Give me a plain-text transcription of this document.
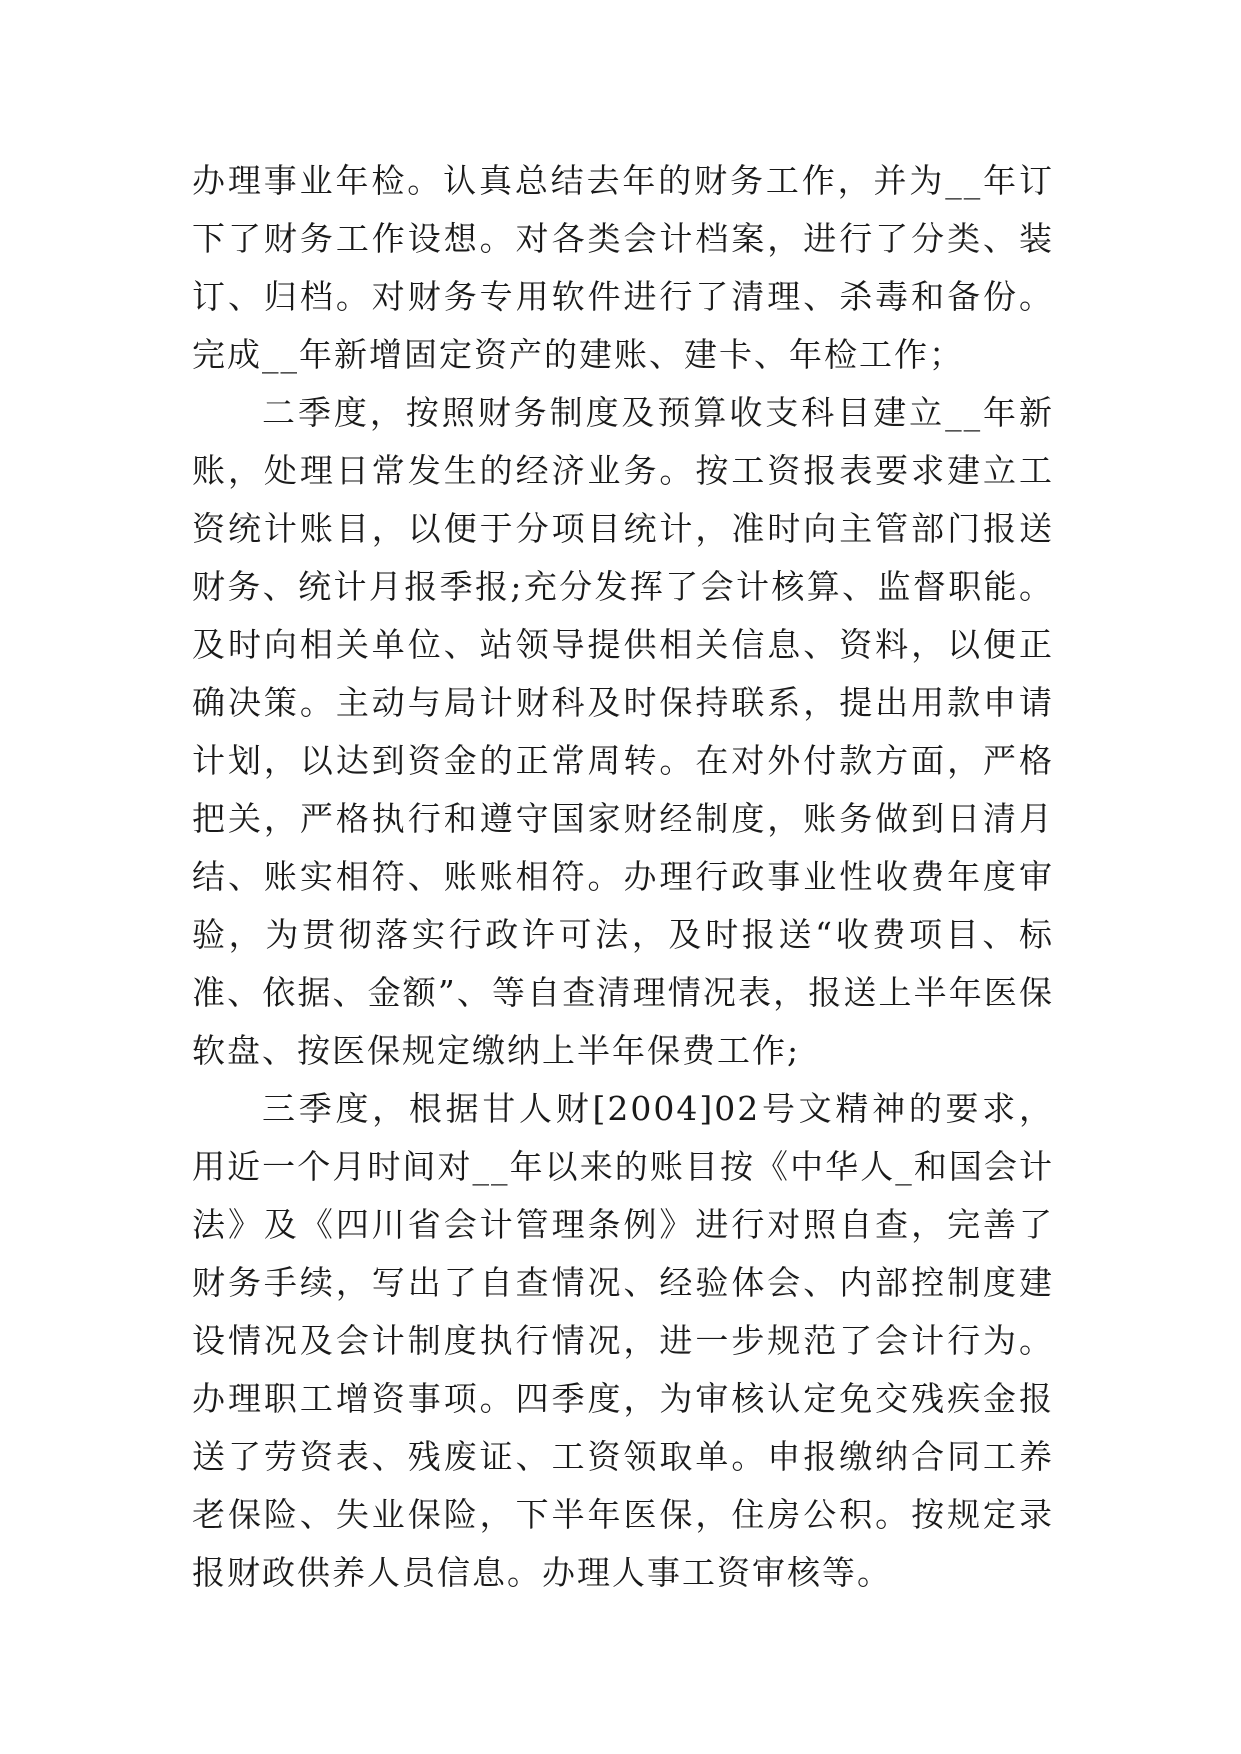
办理事业年检。认真总结去年的财务工作，并为__年订下了财务工作设想。对各类会计档案，进行了分类、装订、归档。对财务专用软件进行了清理、杀毒和备份。完成__年新增固定资产的建账、建卡、年检工作；

二季度，按照财务制度及预算收支科目建立__年新账，处理日常发生的经济业务。按工资报表要求建立工资统计账目，以便于分项目统计，准时向主管部门报送财务、统计月报季报;充分发挥了会计核算、监督职能。及时向相关单位、站领导提供相关信息、资料，以便正确决策。主动与局计财科及时保持联系，提出用款申请计划，以达到资金的正常周转。在对外付款方面，严格把关，严格执行和遵守国家财经制度，账务做到日清月结、账实相符、账账相符。办理行政事业性收费年度审验，为贯彻落实行政许可法，及时报送“收费项目、标准、依据、金额”、等自查清理情况表，报送上半年医保软盘、按医保规定缴纳上半年保费工作;

三季度，根据甘人财[2004]02号文精神的要求，用近一个月时间对__年以来的账目按《中华人_和国会计法》及《四川省会计管理条例》进行对照自查，完善了财务手续，写出了自查情况、经验体会、内部控制度建设情况及会计制度执行情况，进一步规范了会计行为。办理职工增资事项。四季度，为审核认定免交残疾金报送了劳资表、残废证、工资领取单。申报缴纳合同工养老保险、失业保险，下半年医保，住房公积。按规定录报财政供养人员信息。办理人事工资审核等。
